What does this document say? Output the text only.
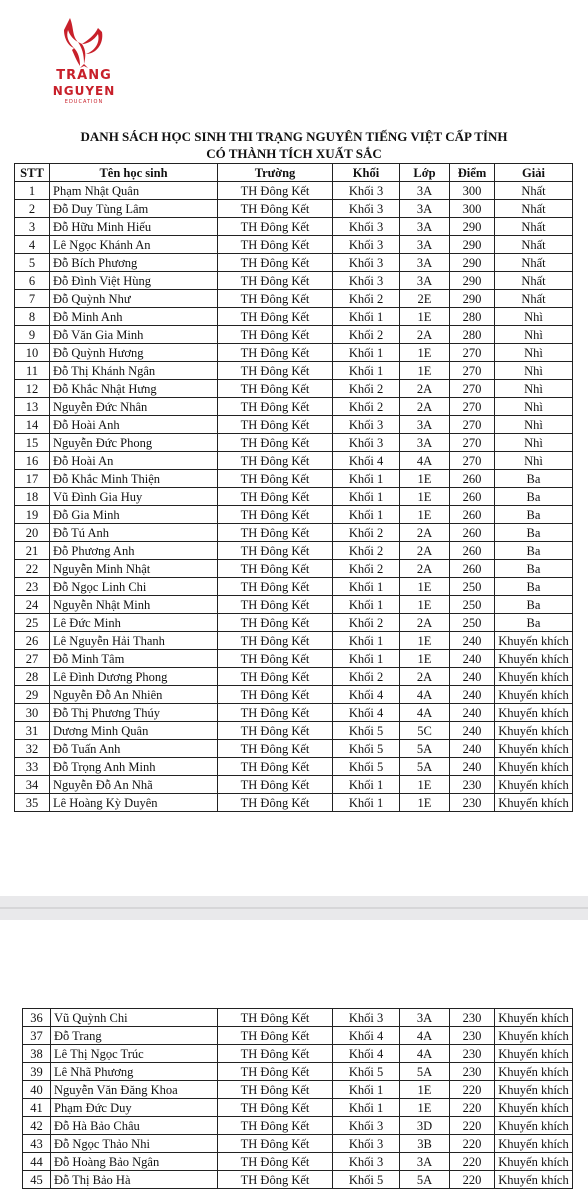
TRANG
NGUYEN
EDUCATION
DANH SÁCH HỌC SINH THI TRẠNG NGUYÊN TIẾNG VIỆT CẤP TỈNH
CÓ THÀNH TÍCH XUẤT SẮC
STT	Tên học sinh	Trường	Khối	Lớp	Điểm	Giải
1	Phạm Nhật Quân	TH Đông Kết	Khối 3	3A	300	Nhất
2	Đỗ Duy Tùng Lâm	TH Đông Kết	Khối 3	3A	300	Nhất
3	Đỗ Hữu Minh Hiếu	TH Đông Kết	Khối 3	3A	290	Nhất
4	Lê Ngọc Khánh An	TH Đông Kết	Khối 3	3A	290	Nhất
5	Đỗ Bích Phương	TH Đông Kết	Khối 3	3A	290	Nhất
6	Đỗ Đình Việt Hùng	TH Đông Kết	Khối 3	3A	290	Nhất
7	Đỗ Quỳnh Như	TH Đông Kết	Khối 2	2E	290	Nhất
8	Đỗ Minh Anh	TH Đông Kết	Khối 1	1E	280	Nhì
9	Đỗ Văn Gia Minh	TH Đông Kết	Khối 2	2A	280	Nhì
10	Đỗ Quỳnh Hương	TH Đông Kết	Khối 1	1E	270	Nhì
11	Đỗ Thị Khánh Ngân	TH Đông Kết	Khối 1	1E	270	Nhì
12	Đỗ Khắc Nhật Hưng	TH Đông Kết	Khối 2	2A	270	Nhì
13	Nguyễn Đức Nhân	TH Đông Kết	Khối 2	2A	270	Nhì
14	Đỗ Hoài Anh	TH Đông Kết	Khối 3	3A	270	Nhì
15	Nguyễn Đức Phong	TH Đông Kết	Khối 3	3A	270	Nhì
16	Đỗ Hoài An	TH Đông Kết	Khối 4	4A	270	Nhì
17	Đỗ Khắc Minh Thiện	TH Đông Kết	Khối 1	1E	260	Ba
18	Vũ Đình Gia Huy	TH Đông Kết	Khối 1	1E	260	Ba
19	Đỗ Gia Minh	TH Đông Kết	Khối 1	1E	260	Ba
20	Đỗ Tú Anh	TH Đông Kết	Khối 2	2A	260	Ba
21	Đỗ Phương Anh	TH Đông Kết	Khối 2	2A	260	Ba
22	Nguyễn Minh Nhật	TH Đông Kết	Khối 2	2A	260	Ba
23	Đỗ Ngọc Linh Chi	TH Đông Kết	Khối 1	1E	250	Ba
24	Nguyễn Nhật Minh	TH Đông Kết	Khối 1	1E	250	Ba
25	Lê Đức Minh	TH Đông Kết	Khối 2	2A	250	Ba
26	Lê Nguyễn Hải Thanh	TH Đông Kết	Khối 1	1E	240	Khuyến khích
27	Đỗ Minh Tâm	TH Đông Kết	Khối 1	1E	240	Khuyến khích
28	Lê Đình Dương Phong	TH Đông Kết	Khối 2	2A	240	Khuyến khích
29	Nguyễn Đỗ An Nhiên	TH Đông Kết	Khối 4	4A	240	Khuyến khích
30	Đỗ Thị Phương Thúy	TH Đông Kết	Khối 4	4A	240	Khuyến khích
31	Dương Minh Quân	TH Đông Kết	Khối 5	5C	240	Khuyến khích
32	Đỗ Tuấn Anh	TH Đông Kết	Khối 5	5A	240	Khuyến khích
33	Đỗ Trọng Anh Minh	TH Đông Kết	Khối 5	5A	240	Khuyến khích
34	Nguyễn Đỗ An Nhã	TH Đông Kết	Khối 1	1E	230	Khuyến khích
35	Lê Hoàng Kỳ Duyên	TH Đông Kết	Khối 1	1E	230	Khuyến khích
36	Vũ Quỳnh Chi	TH Đông Kết	Khối 3	3A	230	Khuyến khích
37	Đỗ Trang	TH Đông Kết	Khối 4	4A	230	Khuyến khích
38	Lê Thị Ngọc Trúc	TH Đông Kết	Khối 4	4A	230	Khuyến khích
39	Lê Nhã Phương	TH Đông Kết	Khối 5	5A	230	Khuyến khích
40	Nguyễn Văn Đăng Khoa	TH Đông Kết	Khối 1	1E	220	Khuyến khích
41	Phạm Đức Duy	TH Đông Kết	Khối 1	1E	220	Khuyến khích
42	Đỗ Hà Bảo Châu	TH Đông Kết	Khối 3	3D	220	Khuyến khích
43	Đỗ Ngọc Thảo Nhi	TH Đông Kết	Khối 3	3B	220	Khuyến khích
44	Đỗ Hoàng Bảo Ngân	TH Đông Kết	Khối 3	3A	220	Khuyến khích
45	Đỗ Thị Bảo Hà	TH Đông Kết	Khối 5	5A	220	Khuyến khích
